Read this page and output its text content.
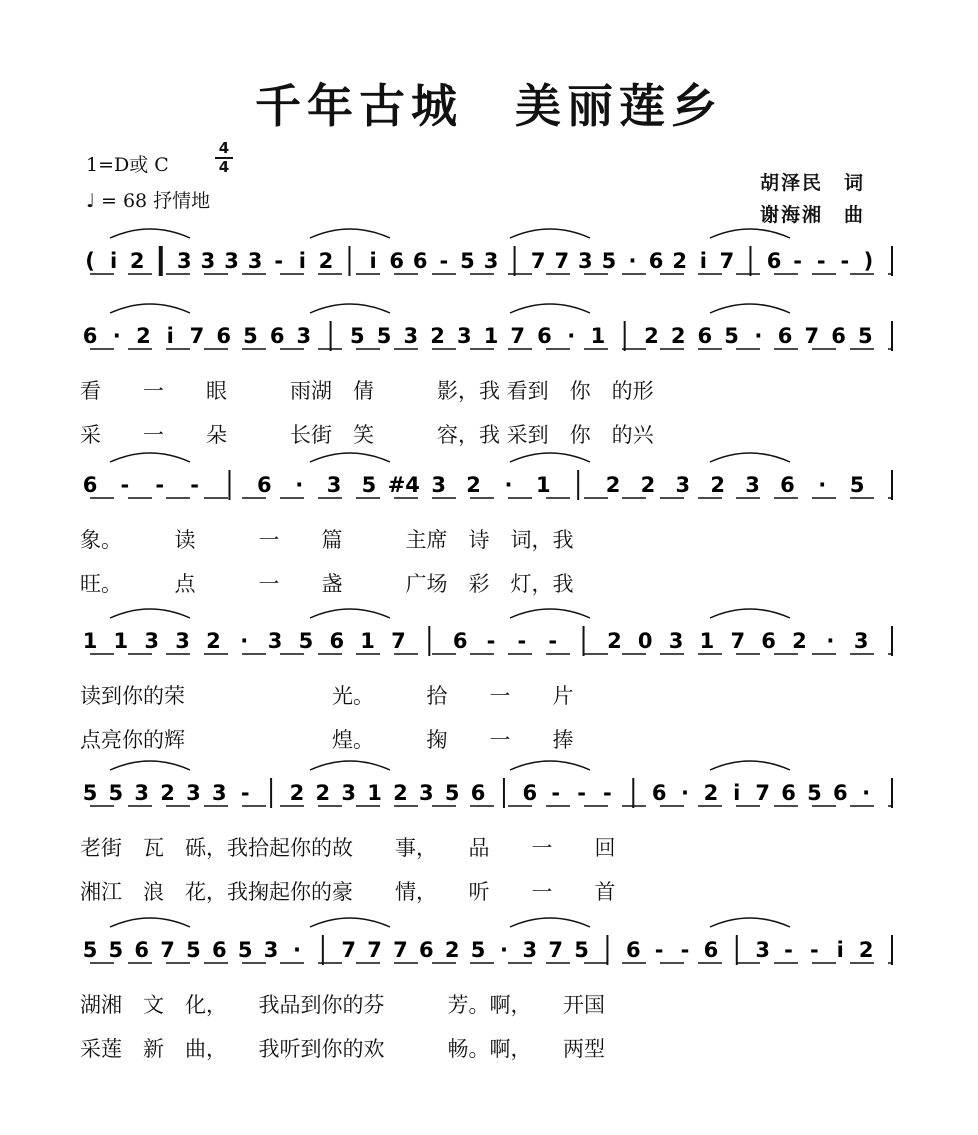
千年古城　美丽莲乡
1=D或 C
4
4
♩ = 68 抒情地
胡泽民　词
谢海湘　曲
( i 2 3 3 3 3 - i 2 i 6 6 - 5 3 7 7 3 5 · 6 2 i 7 6 - - - )
6 · 2 i 7 6 5 6 3 5 5 3 2 3 1 7 6 · 1 2 2 6 5 · 6 7 6 5
6 - - -	6 · 3 5 #4 3 2 · 1	2 2 3 2 3 6 · 5
1 1 3 3 2 · 3 5 6 1 7 6 - - - 2 0 3 1 7 6 2 · 3
5 5 3 2 3 3 - 2 2 3 1 2 3 5 6 6 - - - 6 · 2 i 7 6 5 6 ·
5 5 6 7 5 6 5 3 · 7 7 7 6 2 5 · 3 7 5 6 - - 6 3 - - i 2
看　　一　　眼　　　雨湖　倩　　　影，我 看到　你　的形
采　　一　　朵　　　长街　笑　　　容，我 采到　你　的兴
象。　　　读　　　一　　篇　　　主席　诗　词，我
旺。　　　点　　　一　　盏　　　广场　彩　灯，我
读到你的荣　　　　　　　光。　　　拾　　一　　片
点亮你的辉　　　　　　　煌。　　　掬　　一　　捧
老街　瓦　砾，我拾起你的故　　事，　　品　　一　　回
湘江　浪　花，我掬起你的豪　　情，　　听　　一　　首
湖湘　文　化，　　我品到你的芬　　　芳。啊，　　开国
采莲　新　曲，　　我听到你的欢　　　畅。啊，　　两型
